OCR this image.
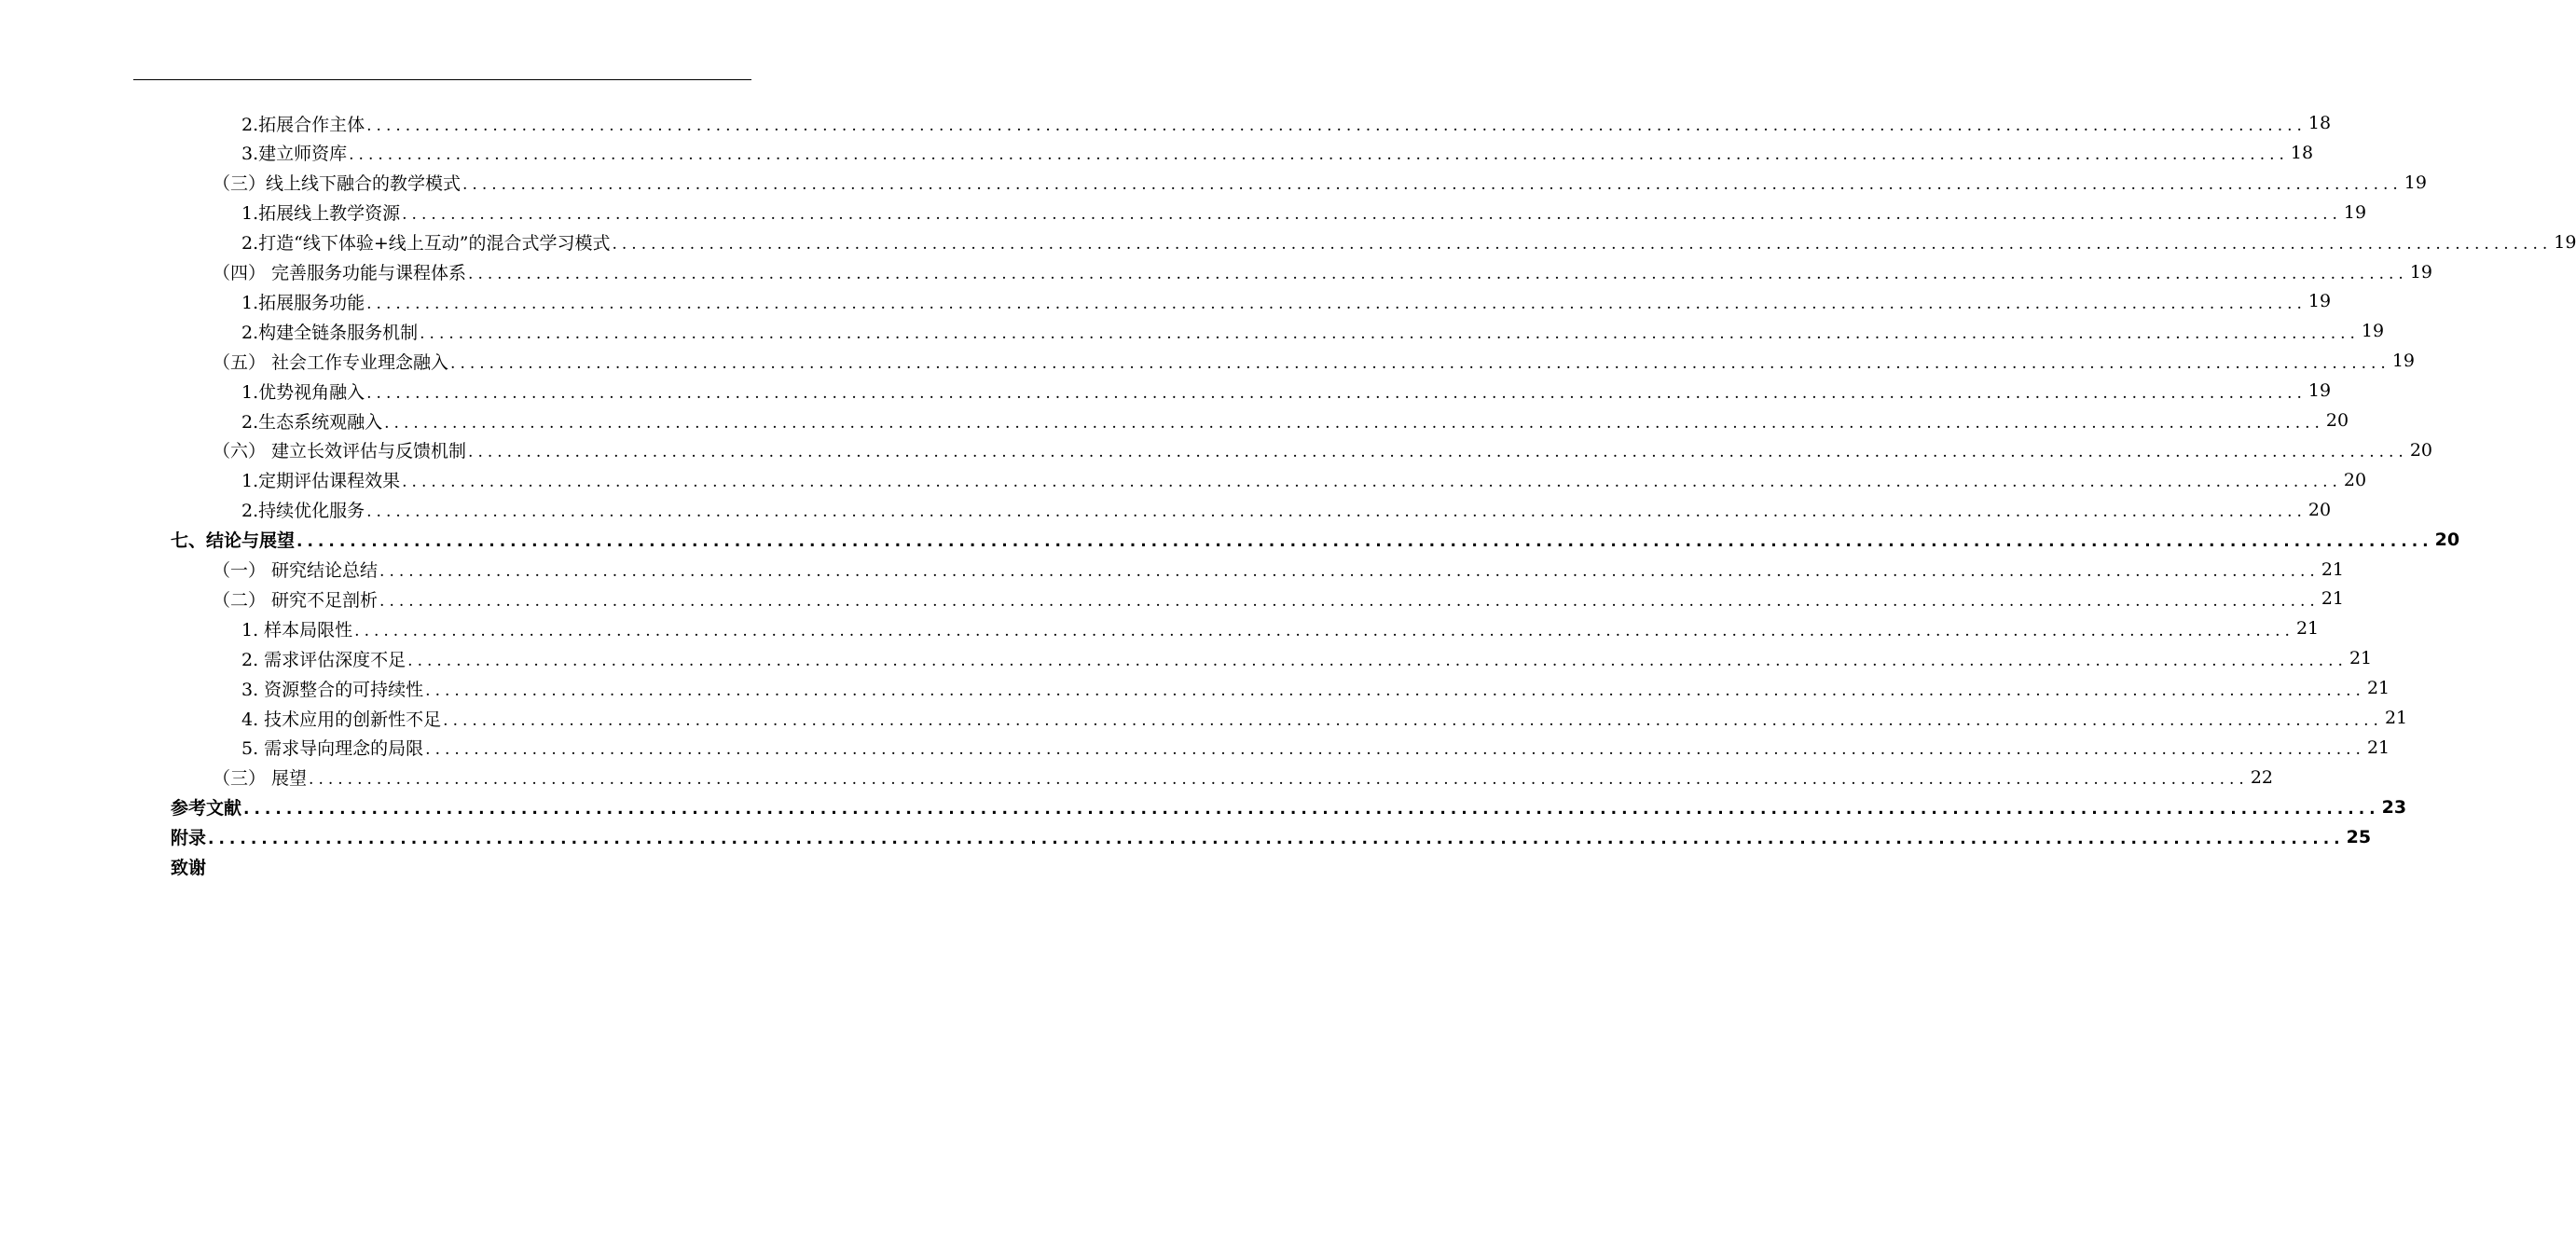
2.拓展合作主体 ........................................................................................................................................................................................................ 18
3.建立师资库 ........................................................................................................................................................................................................ 18
（三）线上线下融合的教学模式 ........................................................................................................................................................................................................ 19
1.拓展线上教学资源 ........................................................................................................................................................................................................ 19
2.打造“线下体验+线上互动”的混合式学习模式 ........................................................................................................................................................................................................ 19
（四） 完善服务功能与课程体系 ........................................................................................................................................................................................................ 19
1.拓展服务功能 ........................................................................................................................................................................................................ 19
2.构建全链条服务机制 ........................................................................................................................................................................................................ 19
（五） 社会工作专业理念融入 ........................................................................................................................................................................................................ 19
1.优势视角融入 ........................................................................................................................................................................................................ 19
2.生态系统观融入 ........................................................................................................................................................................................................ 20
（六） 建立长效评估与反馈机制 ........................................................................................................................................................................................................ 20
1.定期评估课程效果 ........................................................................................................................................................................................................ 20
2.持续优化服务 ........................................................................................................................................................................................................ 20
七、结论与展望 ........................................................................................................................................................................................................ 20
（一） 研究结论总结 ........................................................................................................................................................................................................ 21
（二） 研究不足剖析 ........................................................................................................................................................................................................ 21
1. 样本局限性 ........................................................................................................................................................................................................ 21
2. 需求评估深度不足 ........................................................................................................................................................................................................ 21
3. 资源整合的可持续性 ........................................................................................................................................................................................................ 21
4. 技术应用的创新性不足 ........................................................................................................................................................................................................ 21
5. 需求导向理念的局限 ........................................................................................................................................................................................................ 21
（三） 展望 ........................................................................................................................................................................................................ 22
参考文献 ........................................................................................................................................................................................................ 23
附录 ........................................................................................................................................................................................................ 25
致谢
